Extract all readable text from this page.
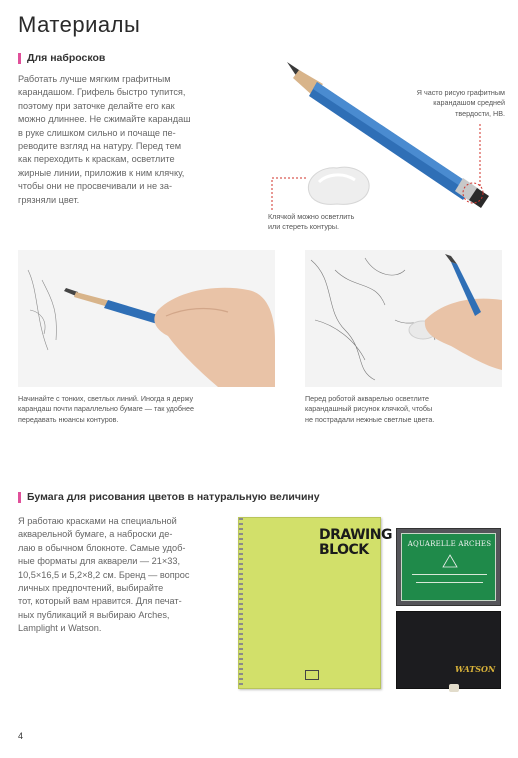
Материалы
Для набросков
Работать лучше мягким графитным
карандашом. Грифель быстро тупится,
поэтому при заточке делайте его как
можно длиннее. Не сжимайте карандаш
в руке слишком сильно и почаще пе-
реводите взгляд на натуру. Перед тем
как переходить к краскам, осветлите
жирные линии, приложив к ним клячку,
чтобы они не просвечивали и не за-
грязняли цвет.
Я часто рисую графитным
карандашом средней
твердости, HB.
Клячкой можно осветлить
или стереть контуры.
Начинайте с тонких, светлых линий. Иногда я держу
карандаш почти параллельно бумаге — так удобнее
передавать нюансы контуров.
Перед роботой акварелью осветлите
карандашный рисунок клячкой, чтобы
не пострадали нежные светлые цвета.
Бумага для рисования цветов в натуральную величину
Я работаю красками на специальной
акварельной бумаге, а наброски де-
лаю в обычном блокноте. Самые удоб-
ные форматы для акварели — 21×33,
10,5×16,5 и 5,2×8,2 см. Бренд — вопрос
личных предпочтений, выбирайте
тот, который вам нравится. Для печат-
ных публикаций я выбираю Arches,
Lamplight и Watson.
DRAWING
BLOCK	AQUARELLE ARCHES
WATSON
4
